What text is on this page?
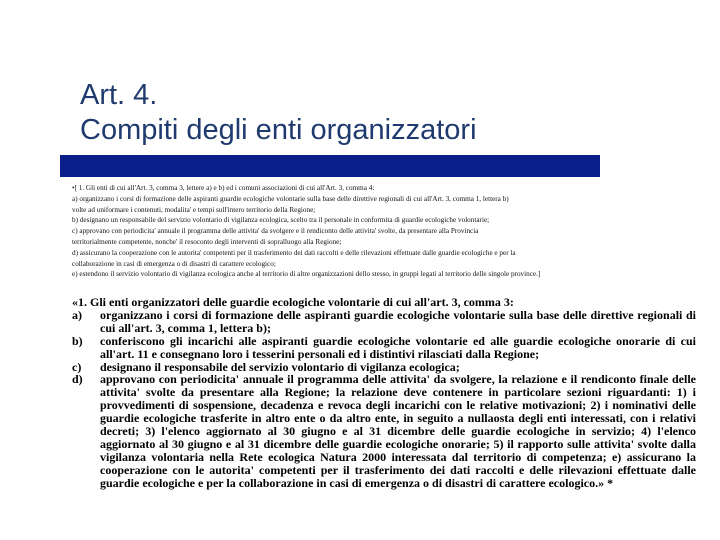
Art. 4.
Compiti degli enti organizzatori
•[ 1. Gli enti di cui all'Art. 3, comma 3, lettere a) e b) ed i comuni associazioni di cui all'Art. 3, comma 4:
a) organizzano i corsi di formazione delle aspiranti guardie ecologiche volontarie sulla base delle direttive regionali di cui all'Art. 3, comma 1, lettera b)
volte ad uniformare i contenuti, modalita' e tempi sull'intero territorio della Regione;
b) designano un responsabile del servizio volontario di vigilanza ecologica, scelto tra il personale in conformita di guardie ecologiche volontarie;
c) approvano con periodicita' annuale il programma delle attivita' da svolgere e il rendiconto delle attivita' svolte, da presentare alla Provincia
territorialmente competente, nonche' il resoconto degli interventi di sopralluogo alla Regione;
d) assicurano la cooperazione con le autorita' competenti per il trasferimento dei dati raccolti e delle rilevazioni effettuate dalle guardie ecologiche e per la
collaborazione in casi di emergenza o di disastri di carattere ecologico;
e) estendono il servizio volontario di vigilanza ecologica anche al territorio di altre organizzazioni dello stesso, in gruppi legati al territorio delle singole province.]
«1. Gli enti organizzatori delle guardie ecologiche volontarie di cui all'art. 3, comma 3:
a)	organizzano i corsi di formazione delle aspiranti guardie ecologiche volontarie sulla base delle direttive regionali di cui all'art. 3, comma 1, lettera b);
b)	conferiscono gli incarichi alle aspiranti guardie ecologiche volontarie ed alle guardie ecologiche onorarie di cui all'art. 11 e consegnano loro i tesserini personali ed i distintivi rilasciati dalla Regione;
c)	designano il responsabile del servizio volontario di vigilanza ecologica;
d)	approvano con periodicita' annuale il programma delle attivita' da svolgere, la relazione e il rendiconto finale delle attivita' svolte da presentare alla Regione; la relazione deve contenere in particolare sezioni riguardanti: 1) i provvedimenti di sospensione, decadenza e revoca degli incarichi con le relative motivazioni; 2) i nominativi delle guardie ecologiche trasferite in altro ente o da altro ente, in seguito a nullaosta degli enti interessati, con i relativi decreti; 3) l'elenco aggiornato al 30 giugno e al 31 dicembre delle guardie ecologiche in servizio; 4) l'elenco aggiornato al 30 giugno e al 31 dicembre delle guardie ecologiche onorarie; 5) il rapporto sulle attivita' svolte dalla vigilanza volontaria nella Rete ecologica Natura 2000 interessata dal territorio di competenza; e) assicurano la cooperazione con le autorita' competenti per il trasferimento dei dati raccolti e delle rilevazioni effettuate dalle guardie ecologiche e per la collaborazione in casi di emergenza o di disastri di carattere ecologico.» *
